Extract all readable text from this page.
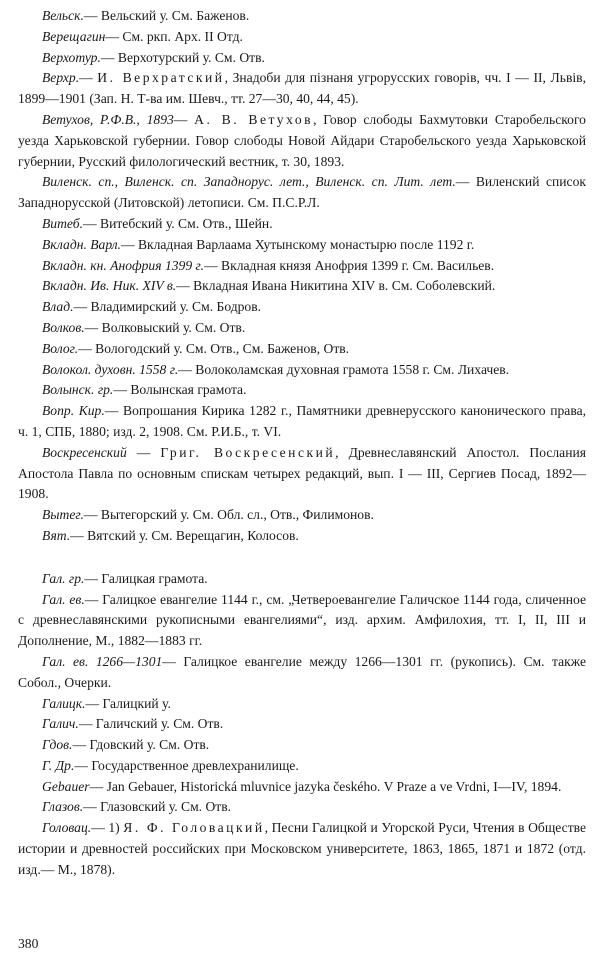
Вельск.— Вельский у. См. Баженов.

Верещагин— См. ркп. Арх. II Отд.

Верхотур.— Верхотурский у. См. Отв.

Верхр.— И. Верхратский, Знадоби для пiзнаня угрорусских говорiв, чч. I — II, Львiв, 1899—1901 (Зап. Н. Т-ва им. Шевч., тт. 27—30, 40, 44, 45).

Ветухов, Р.Ф.В., 1893— А. В. Ветухов, Говор слободы Бахмутовки Старобельского уезда Харьковской губернии. Говор слободы Новой Айдари Старобельского уезда Харьковской губернии, Русский филологический вестник, т. 30, 1893.

Виленск. сп., Виленск. сп. Западнорус. лет., Виленск. сп. Лит. лет.— Виленский список Западнорусской (Литовской) летописи. См. П.С.Р.Л.

Витеб.— Витебский у. См. Отв., Шейн.

Вкладн. Варл.— Вкладная Варлаама Хутынскому монастырю после 1192 г.

Вкладн. кн. Анофрия 1399 г.— Вкладная князя Анофрия 1399 г. См. Васильев.

Вкладн. Ив. Ник. XIV в.— Вкладная Ивана Никитина XIV в. См. Соболевский.

Влад.— Владимирский у. См. Бодров.

Волков.— Волковыский у. См. Отв.

Волог.— Вологодский у. См. Отв., См. Баженов, Отв.

Волокол. духовн. 1558 г.— Волоколамская духовная грамота 1558 г. См. Лихачев.

Волынск. гр.— Волынская грамота.

Вопр. Кир.— Вопрошания Кирика 1282 г., Памятники древнерусского канонического права, ч. 1, СПБ, 1880; изд. 2, 1908. См. Р.И.Б., т. VI.

Воскресенский — Григ. Воскресенский, Древнеславянский Апостол. Послания Апостола Павла по основным спискам четырех редакций, вып. I — III, Сергиев Посад, 1892—1908.

Вытег.— Вытегорский у. См. Обл. сл., Отв., Филимонов.

Вят.— Вятский у. См. Верещагин, Колосов.

Гал. гр.— Галицкая грамота.

Гал. ев.— Галицкое евангелие 1144 г., см. „Четвероевангелие Галичское 1144 года, сличенное с древнеславянскими рукописными евангелиями“, изд. архим. Амфилохия, тт. I, II, III и Дополнение, М., 1882—1883 гг.

Гал. ев. 1266—1301— Галицкое евангелие между 1266—1301 гг. (рукопись). См. также Собол., Очерки.

Галицк.— Галицкий у.

Галич.— Галичский у. См. Отв.

Гдов.— Гдовский у. См. Отв.

Г. Др.— Государственное древлехранилище.

Gebauer— Jan Gebauer, Historická mluvnice jazyka českého. V Praze a ve Vrdni, I—IV, 1894.

Глазов.— Глазовский у. См. Отв.

Головац.— 1) Я. Ф. Головацкий, Песни Галицкой и Угорской Руси, Чтения в Обществе истории и древностей российских при Московском университете, 1863, 1865, 1871 и 1872 (отд. изд.— М., 1878).

380
